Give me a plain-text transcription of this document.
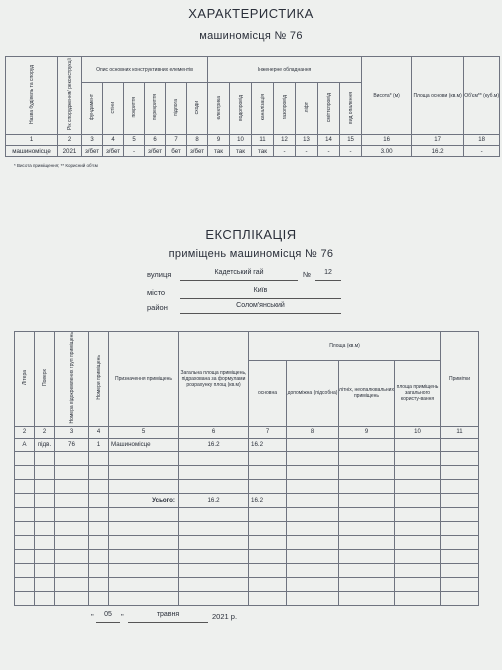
ХАРАКТЕРИСТИКА
машиномісця № 76
Назва будівель та споруд	Рік спорудження/ реконструкції	Опис основних конструктивних елементів						Інженерне обладнання							Висота* (м)	Площа основи (кв.м)	Об'єм** (куб.м)
		фундамент	стіни	покриття	перекриття	підлога	сходи	електрика	водопровід	каналізація	газопровід	ліфт	сміттєпровід	вид опалення			
1	2	3	4	5	6	7	8	9	10	11	12	13	14	15	16	17	18
машиномісце	2021	з/бет	з/бет	-	з/бет	бет	з/бет	так	так	так	-	-	-	-	3.00	16.2	-
* Висота приміщення; ** Корисний об'єм
ЕКСПЛІКАЦІЯ
приміщень машиномісця № 76
вулиця	Кадетський гай	№	12
місто	Київ
район	Солом'янський
Літера	Поверх	Номера відокремлених груп приміщень	Номери приміщень	Призначення приміщень	Загальна площа приміщень, підрахована за формулами розрахунку площ (кв.м)	Площа (кв.м)				Примітки
						основна	допоміжна (підсобна)	літніх, неопалювальних приміщень	площа приміщень загального користу-вання	
2	2	3	4	5	6	7	8	9	10	11
А	підв.	76	1	Машиномісце	16.2	16.2				

				Усього:	16.2	16.2				

"	05	"	травня	2021 р.
